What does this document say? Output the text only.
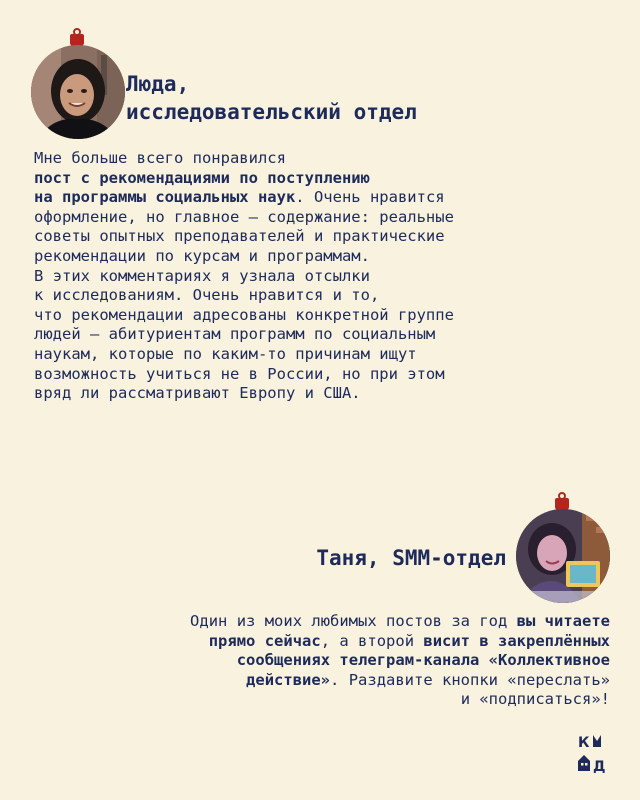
Люда,
исследовательский отдел
Мне больше всего понравился
пост с рекомендациями по поступлению
на программы социальных наук. Очень нравится
оформление, но главное — содержание: реальные
советы опытных преподавателей и практические
рекомендации по курсам и программам.
В этих комментариях я узнала отсылки
к исследованиям. Очень нравится и то,
что рекомендации адресованы конкретной группе
людей — абитуриентам программ по социальным
наукам, которые по каким-то причинам ищут
возможность учиться не в России, но при этом
вряд ли рассматривают Европу и США.
Таня, SMM-отдел
Один из моих любимых постов за год вы читаете
прямо сейчас, а второй висит в закреплённых
сообщениях телеграм-канала «Коллективное
действие». Раздавите кнопки «переслать»
и «подписаться»!
К
Д
